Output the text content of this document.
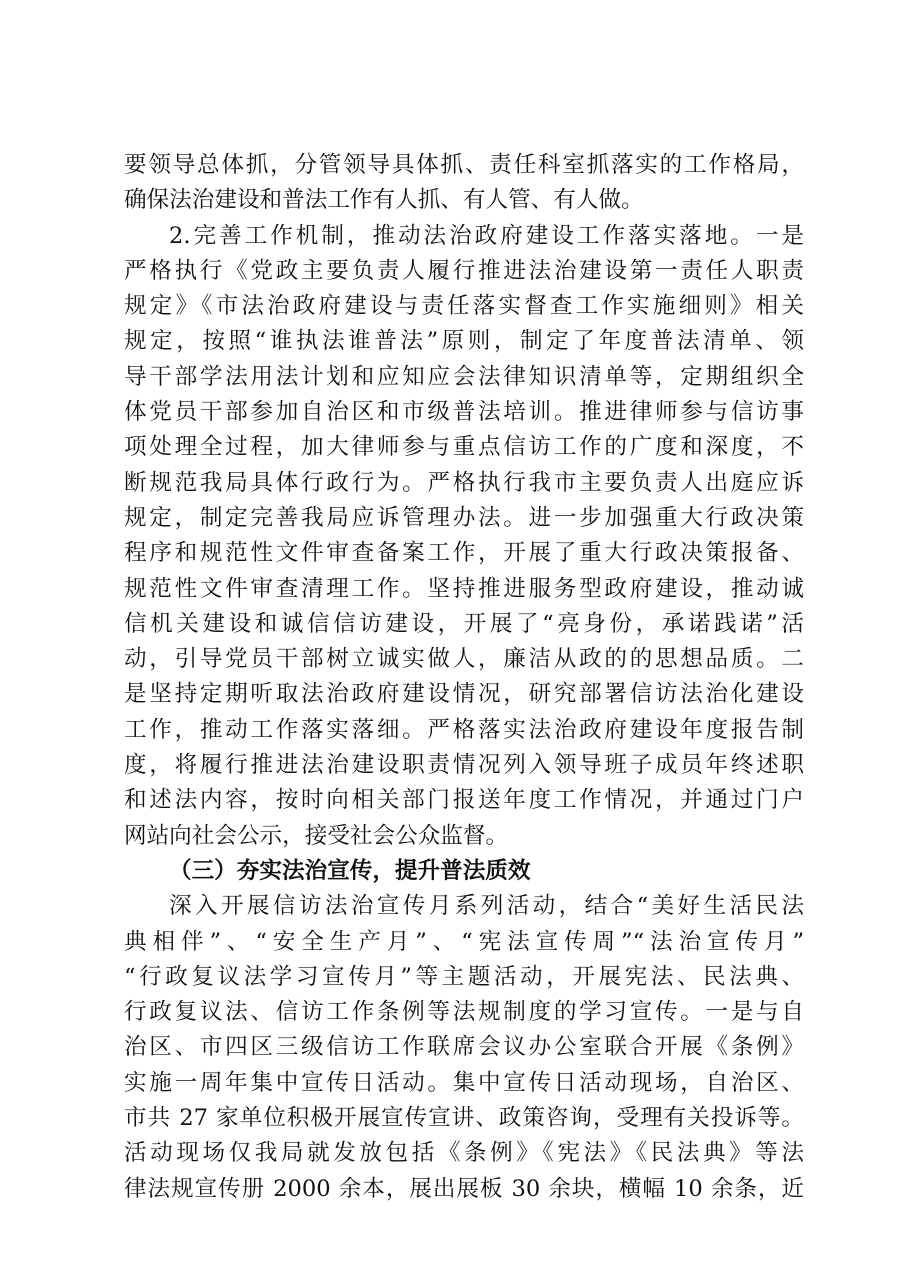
要领导总体抓，分管领导具体抓、责任科室抓落实的工作格局，
确保法治建设和普法工作有人抓、有人管、有人做。
2.完善工作机制，推动法治政府建设工作落实落地。一是
严格执行《党政主要负责人履行推进法治建设第一责任人职责
规定》《市法治政府建设与责任落实督查工作实施细则》相关
规定，按照“谁执法谁普法”原则，制定了年度普法清单、领
导干部学法用法计划和应知应会法律知识清单等，定期组织全
体党员干部参加自治区和市级普法培训。推进律师参与信访事
项处理全过程，加大律师参与重点信访工作的广度和深度，不
断规范我局具体行政行为。严格执行我市主要负责人出庭应诉
规定，制定完善我局应诉管理办法。进一步加强重大行政决策
程序和规范性文件审查备案工作，开展了重大行政决策报备、
规范性文件审查清理工作。坚持推进服务型政府建设，推动诚
信机关建设和诚信信访建设，开展了“亮身份，承诺践诺”活
动，引导党员干部树立诚实做人，廉洁从政的的思想品质。二
是坚持定期听取法治政府建设情况，研究部署信访法治化建设
工作，推动工作落实落细。严格落实法治政府建设年度报告制
度，将履行推进法治建设职责情况列入领导班子成员年终述职
和述法内容，按时向相关部门报送年度工作情况，并通过门户
网站向社会公示，接受社会公众监督。
（三）夯实法治宣传，提升普法质效
深入开展信访法治宣传月系列活动，结合“美好生活民法
典相伴”、“安全生产月”、“宪法宣传周”“法治宣传月”
“行政复议法学习宣传月”等主题活动，开展宪法、民法典、
行政复议法、信访工作条例等法规制度的学习宣传。一是与自
治区、市四区三级信访工作联席会议办公室联合开展《条例》
实施一周年集中宣传日活动。集中宣传日活动现场，自治区、
市共 27 家单位积极开展宣传宣讲、政策咨询，受理有关投诉等。
活动现场仅我局就发放包括《条例》《宪法》《民法典》等法
律法规宣传册 2000 余本，展出展板 30 余块，横幅 10 余条，近
